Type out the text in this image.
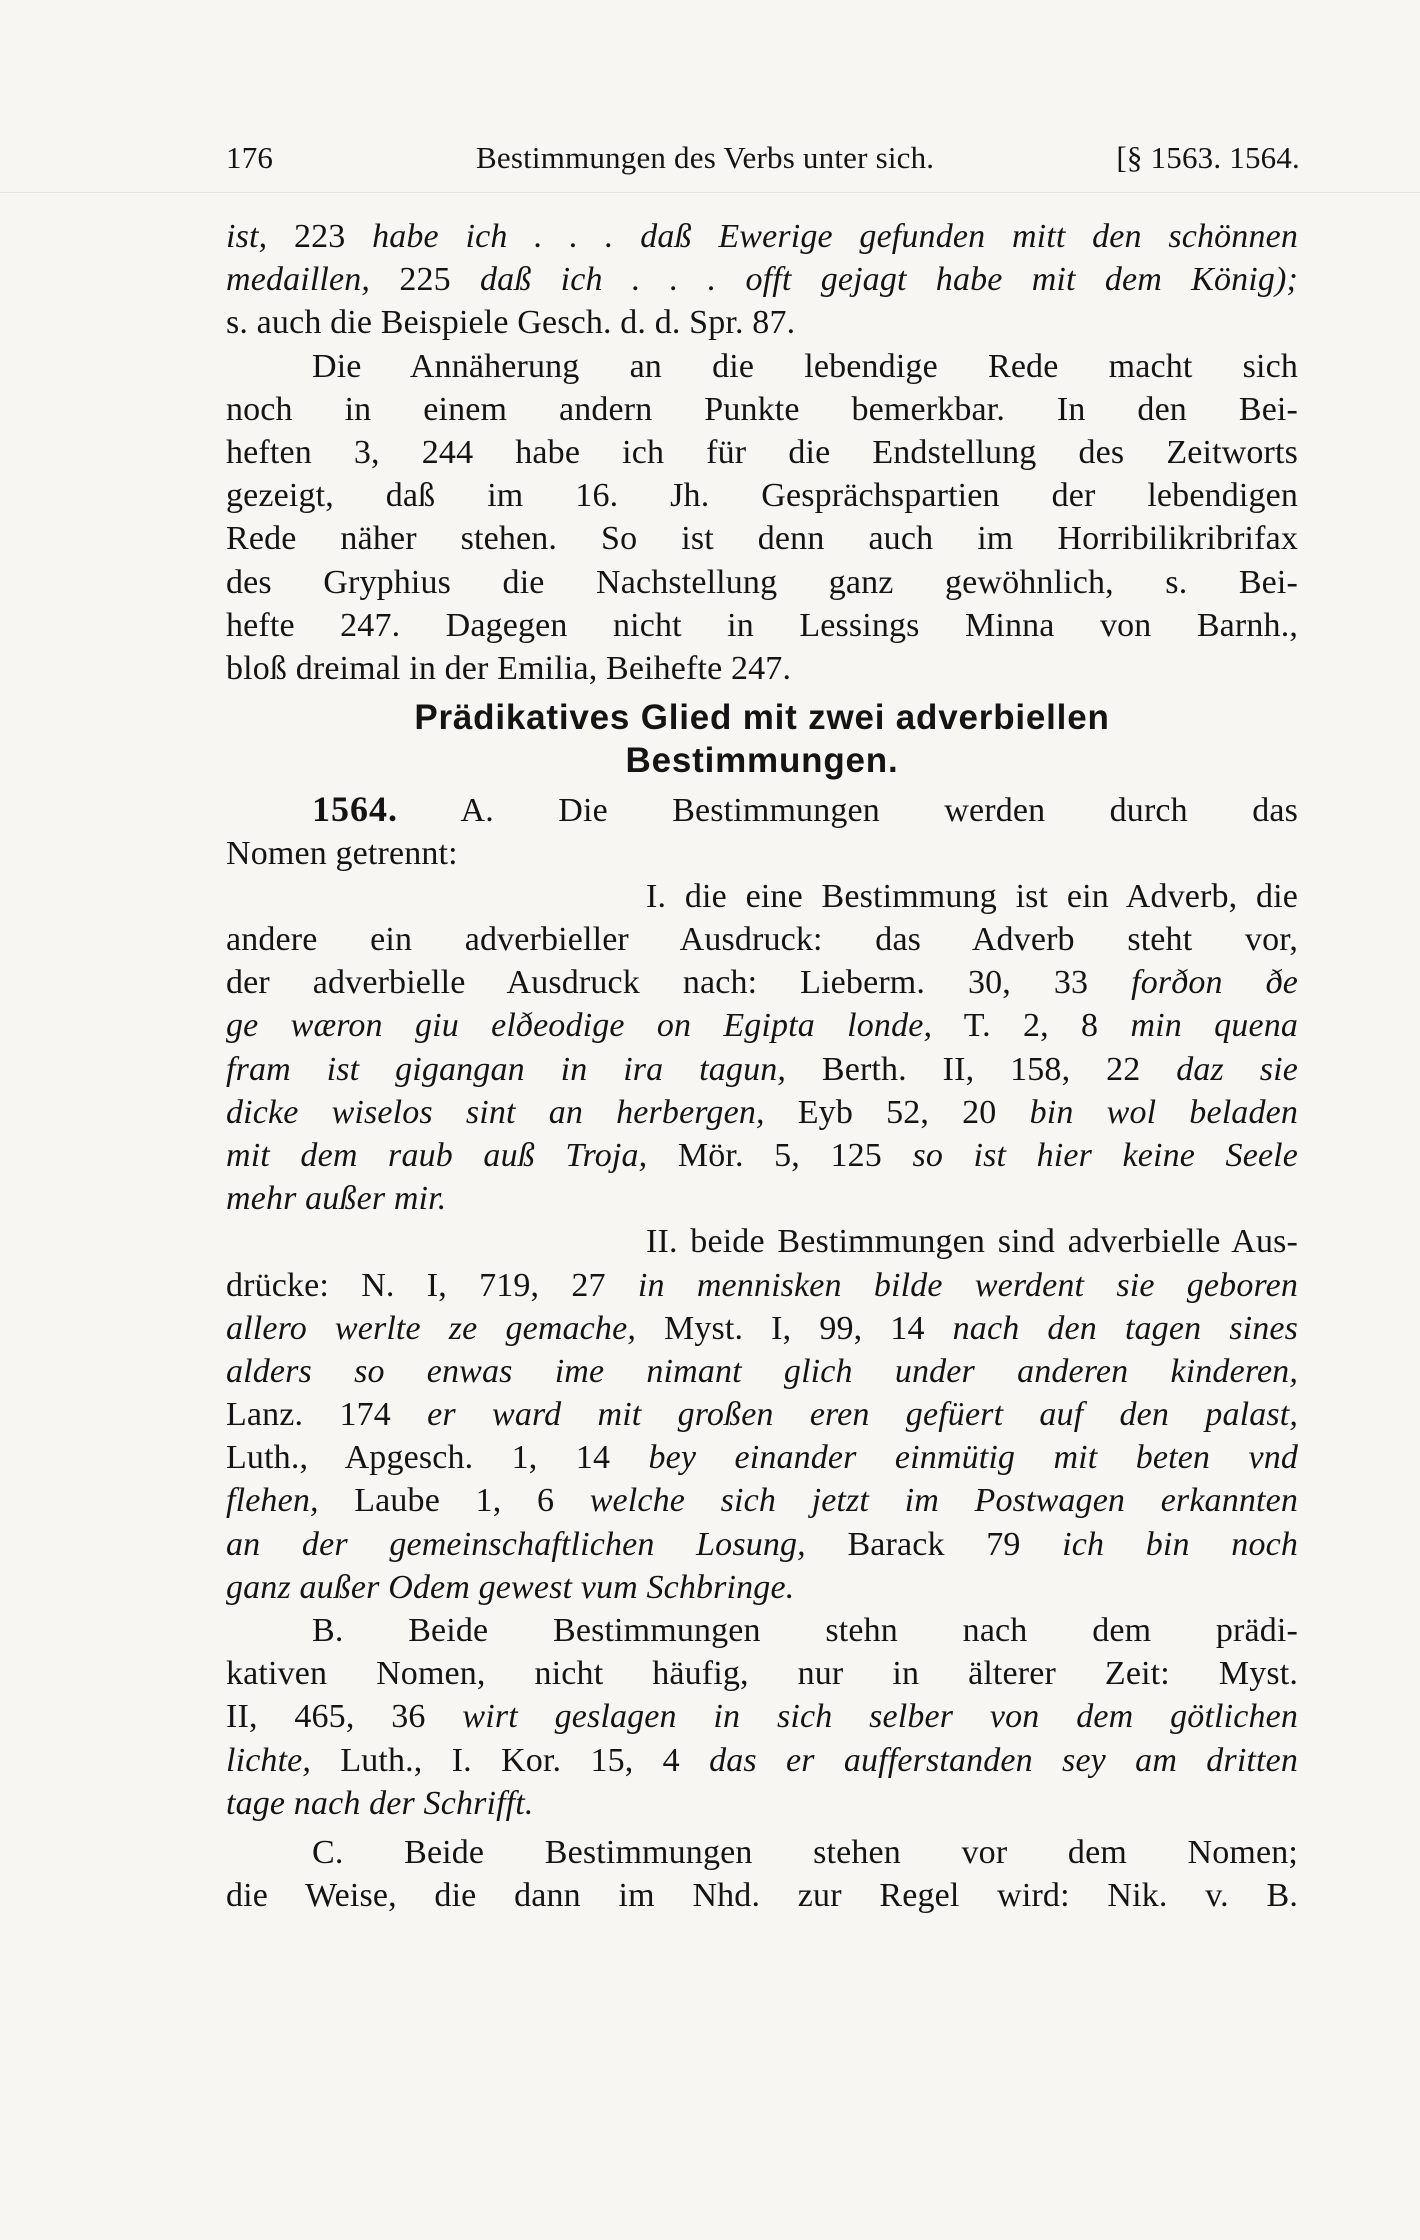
176	Bestimmungen des Verbs unter sich.	[§ 1563. 1564.
ist, 223 habe ich . . . daß Ewerige gefunden mitt den schönnen
medaillen, 225 daß ich . . . offt gejagt habe mit dem König);
s. auch die Beispiele Gesch. d. d. Spr. 87.
Die Annäherung an die lebendige Rede macht sich
noch in einem andern Punkte bemerkbar. In den Bei-
heften 3, 244 habe ich für die Endstellung des Zeitworts
gezeigt, daß im 16. Jh. Gesprächspartien der lebendigen
Rede näher stehen. So ist denn auch im Horribilikribrifax
des Gryphius die Nachstellung ganz gewöhnlich, s. Bei-
hefte 247. Dagegen nicht in Lessings Minna von Barnh.,
bloß dreimal in der Emilia, Beihefte 247.
Prädikatives Glied mit zwei adverbiellen
Bestimmungen.
1564. A. Die Bestimmungen werden durch das
Nomen getrennt:
I. die eine Bestimmung ist ein Adverb, die
andere ein adverbieller Ausdruck: das Adverb steht vor,
der adverbielle Ausdruck nach: Lieberm. 30, 33 forðon ðe
ge wæron giu elðeodige on Egipta londe, T. 2, 8 min quena
fram ist gigangan in ira tagun, Berth. II, 158, 22 daz sie
dicke wiselos sint an herbergen, Eyb 52, 20 bin wol beladen
mit dem raub auß Troja, Mör. 5, 125 so ist hier keine Seele
mehr außer mir.
II. beide Bestimmungen sind adverbielle Aus-
drücke: N. I, 719, 27 in mennisken bilde werdent sie geboren
allero werlte ze gemache, Myst. I, 99, 14 nach den tagen sines
alders so enwas ime nimant glich under anderen kinderen,
Lanz. 174 er ward mit großen eren gefüert auf den palast,
Luth., Apgesch. 1, 14 bey einander einmütig mit beten vnd
flehen, Laube 1, 6 welche sich jetzt im Postwagen erkannten
an der gemeinschaftlichen Losung, Barack 79 ich bin noch
ganz außer Odem gewest vum Schbringe.
B. Beide Bestimmungen stehn nach dem prädi-
kativen Nomen, nicht häufig, nur in älterer Zeit: Myst.
II, 465, 36 wirt geslagen in sich selber von dem götlichen
lichte, Luth., I. Kor. 15, 4 das er aufferstanden sey am dritten
tage nach der Schrifft.
C. Beide Bestimmungen stehen vor dem Nomen;
die Weise, die dann im Nhd. zur Regel wird: Nik. v. B.
